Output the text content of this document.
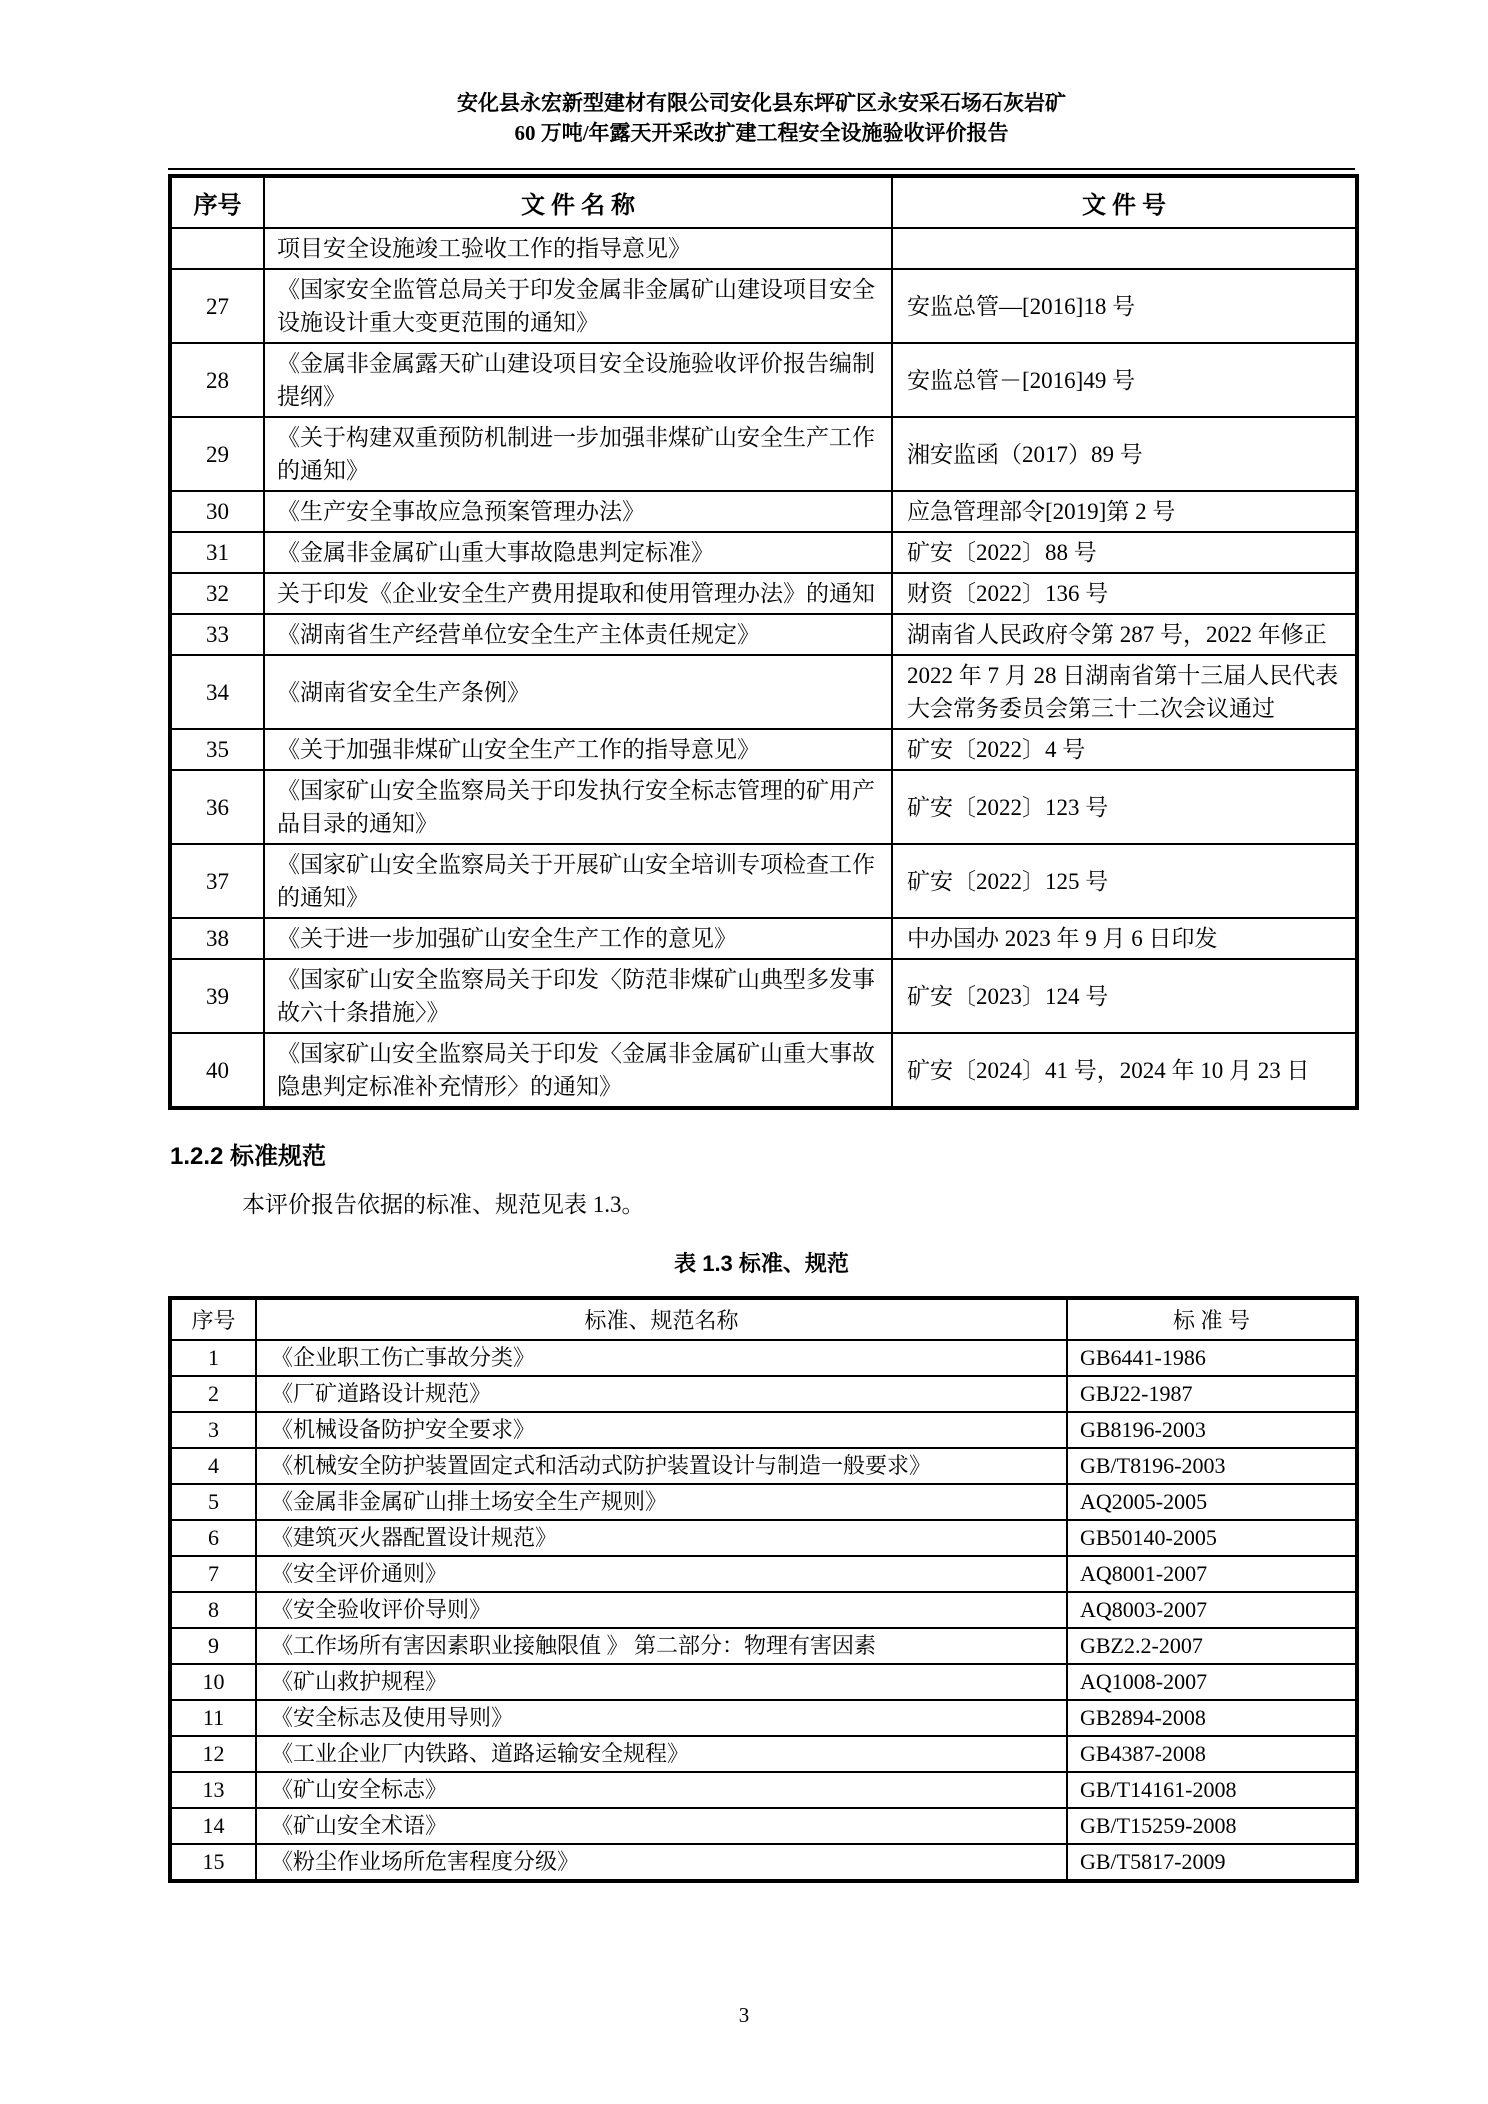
安化县永宏新型建材有限公司安化县东坪矿区永安采石场石灰岩矿
60 万吨/年露天开采改扩建工程安全设施验收评价报告
序号	文 件 名 称	文 件 号
	项目安全设施竣工验收工作的指导意见》	
27	《国家安全监管总局关于印发金属非金属矿山建设项目安全设施设计重大变更范围的通知》	安监总管—[2016]18 号
28	《金属非金属露天矿山建设项目安全设施验收评价报告编制提纲》	安监总管－[2016]49 号
29	《关于构建双重预防机制进一步加强非煤矿山安全生产工作的通知》	湘安监函（2017）89 号
30	《生产安全事故应急预案管理办法》	应急管理部令[2019]第 2 号
31	《金属非金属矿山重大事故隐患判定标准》	矿安〔2022〕88 号
32	关于印发《企业安全生产费用提取和使用管理办法》的通知	财资〔2022〕136 号
33	《湖南省生产经营单位安全生产主体责任规定》	湖南省人民政府令第 287 号，2022 年修正
34	《湖南省安全生产条例》	2022 年 7 月 28 日湖南省第十三届人民代表大会常务委员会第三十二次会议通过
35	《关于加强非煤矿山安全生产工作的指导意见》	矿安〔2022〕4 号
36	《国家矿山安全监察局关于印发执行安全标志管理的矿用产品目录的通知》	矿安〔2022〕123 号
37	《国家矿山安全监察局关于开展矿山安全培训专项检查工作的通知》	矿安〔2022〕125 号
38	《关于进一步加强矿山安全生产工作的意见》	中办国办 2023 年 9 月 6 日印发
39	《国家矿山安全监察局关于印发〈防范非煤矿山典型多发事故六十条措施〉》	矿安〔2023〕124 号
40	《国家矿山安全监察局关于印发〈金属非金属矿山重大事故隐患判定标准补充情形〉的通知》	矿安〔2024〕41 号，2024 年 10 月 23 日
1.2.2 标准规范

本评价报告依据的标准、规范见表 1.3。

表 1.3 标准、规范
序号	标准、规范名称	标 准 号
1	《企业职工伤亡事故分类》	GB6441-1986
2	《厂矿道路设计规范》	GBJ22-1987
3	《机械设备防护安全要求》	GB8196-2003
4	《机械安全防护装置固定式和活动式防护装置设计与制造一般要求》	GB/T8196-2003
5	《金属非金属矿山排土场安全生产规则》	AQ2005-2005
6	《建筑灭火器配置设计规范》	GB50140-2005
7	《安全评价通则》	AQ8001-2007
8	《安全验收评价导则》	AQ8003-2007
9	《工作场所有害因素职业接触限值 》 第二部分：物理有害因素	GBZ2.2-2007
10	《矿山救护规程》	AQ1008-2007
11	《安全标志及使用导则》	GB2894-2008
12	《工业企业厂内铁路、道路运输安全规程》	GB4387-2008
13	《矿山安全标志》	GB/T14161-2008
14	《矿山安全术语》	GB/T15259-2008
15	《粉尘作业场所危害程度分级》	GB/T5817-2009
3
